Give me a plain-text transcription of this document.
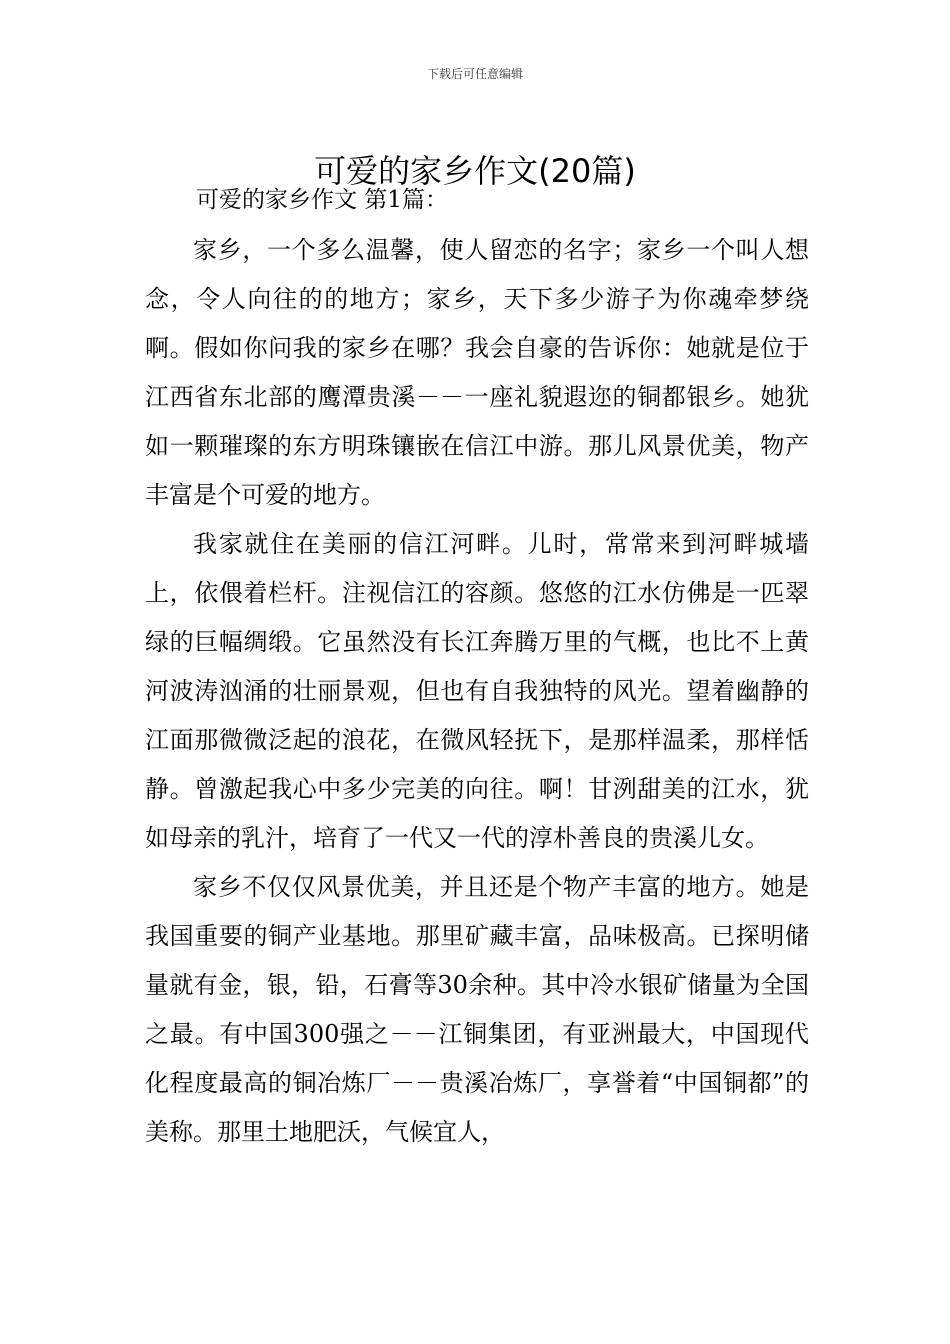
下载后可任意编辑
可爱的家乡作文(20篇)
可爱的家乡作文 第1篇：

家乡，一个多么温馨，使人留恋的名字；家乡一个叫人想念，令人向往的的地方；家乡，天下多少游子为你魂牵梦绕啊。假如你问我的家乡在哪？我会自豪的告诉你：她就是位于江西省东北部的鹰潭贵溪－－一座礼貌遐迩的铜都银乡。她犹如一颗璀璨的东方明珠镶嵌在信江中游。那儿风景优美，物产丰富是个可爱的地方。

我家就住在美丽的信江河畔。儿时，常常来到河畔城墙上，依偎着栏杆。注视信江的容颜。悠悠的江水仿佛是一匹翠绿的巨幅绸缎。它虽然没有长江奔腾万里的气概，也比不上黄河波涛汹涌的壮丽景观，但也有自我独特的风光。望着幽静的江面那微微泛起的浪花，在微风轻抚下，是那样温柔，那样恬静。曾激起我心中多少完美的向往。啊！甘洌甜美的江水，犹如母亲的乳汁，培育了一代又一代的淳朴善良的贵溪儿女。

家乡不仅仅风景优美，并且还是个物产丰富的地方。她是我国重要的铜产业基地。那里矿藏丰富，品味极高。已探明储量就有金，银，铅，石膏等30余种。其中冷水银矿储量为全国之最。有中国300强之－－江铜集团，有亚洲最大，中国现代化程度最高的铜冶炼厂－－贵溪冶炼厂，享誉着“中国铜都”的美称。那里土地肥沃，气候宜人，
